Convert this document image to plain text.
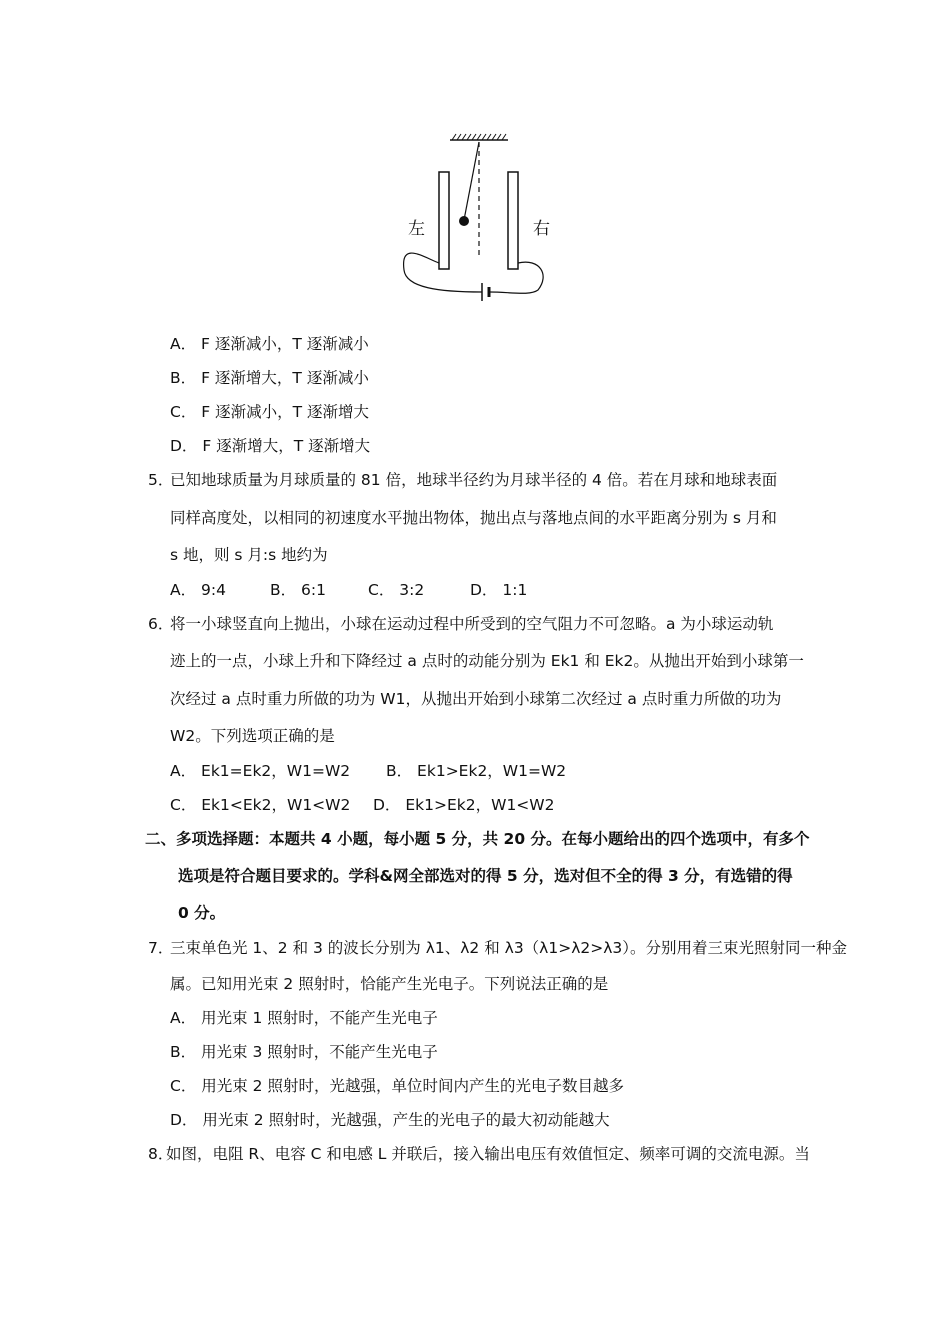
左	右
A． F 逐渐减小，T 逐渐减小
B． F 逐渐增大，T 逐渐减小
C． F 逐渐减小，T 逐渐增大
D． F 逐渐增大，T 逐渐增大
5．
已知地球质量为月球质量的 81 倍，地球半径约为月球半径的 4 倍。若在月球和地球表面
同样高度处，以相同的初速度水平抛出物体，抛出点与落地点间的水平距离分别为 s 月和
s 地，则 s 月:s 地约为
A． 9:4	B． 6:1	C． 3:2	D． 1:1
6．
将一小球竖直向上抛出，小球在运动过程中所受到的空气阻力不可忽略。a 为小球运动轨
迹上的一点，小球上升和下降经过 a 点时的动能分别为 Ek1 和 Ek2。从抛出开始到小球第一
次经过 a 点时重力所做的功为 W1，从抛出开始到小球第二次经过 a 点时重力所做的功为
W2。下列选项正确的是
A． Ek1=Ek2，W1=W2 B． Ek1>Ek2，W1=W2
C． Ek1<Ek2，W1<W2 D． Ek1>Ek2，W1<W2
二、多项选择题：本题共 4 小题，每小题 5 分，共 20 分。在每小题给出的四个选项中，有多个
选项是符合题目要求的。学科&网全部选对的得 5 分，选对但不全的得 3 分，有选错的得
0 分。
7．
三束单色光 1、2 和 3 的波长分别为 λ1、λ2 和 λ3（λ1>λ2>λ3）。分别用着三束光照射同一种金
属。已知用光束 2 照射时，恰能产生光电子。下列说法正确的是
A． 用光束 1 照射时，不能产生光电子
B． 用光束 3 照射时，不能产生光电子
C． 用光束 2 照射时，光越强，单位时间内产生的光电子数目越多
D． 用光束 2 照射时，光越强，产生的光电子的最大初动能越大
8．
如图，电阻 R、电容 C 和电感 L 并联后，接入输出电压有效值恒定、频率可调的交流电源。当
